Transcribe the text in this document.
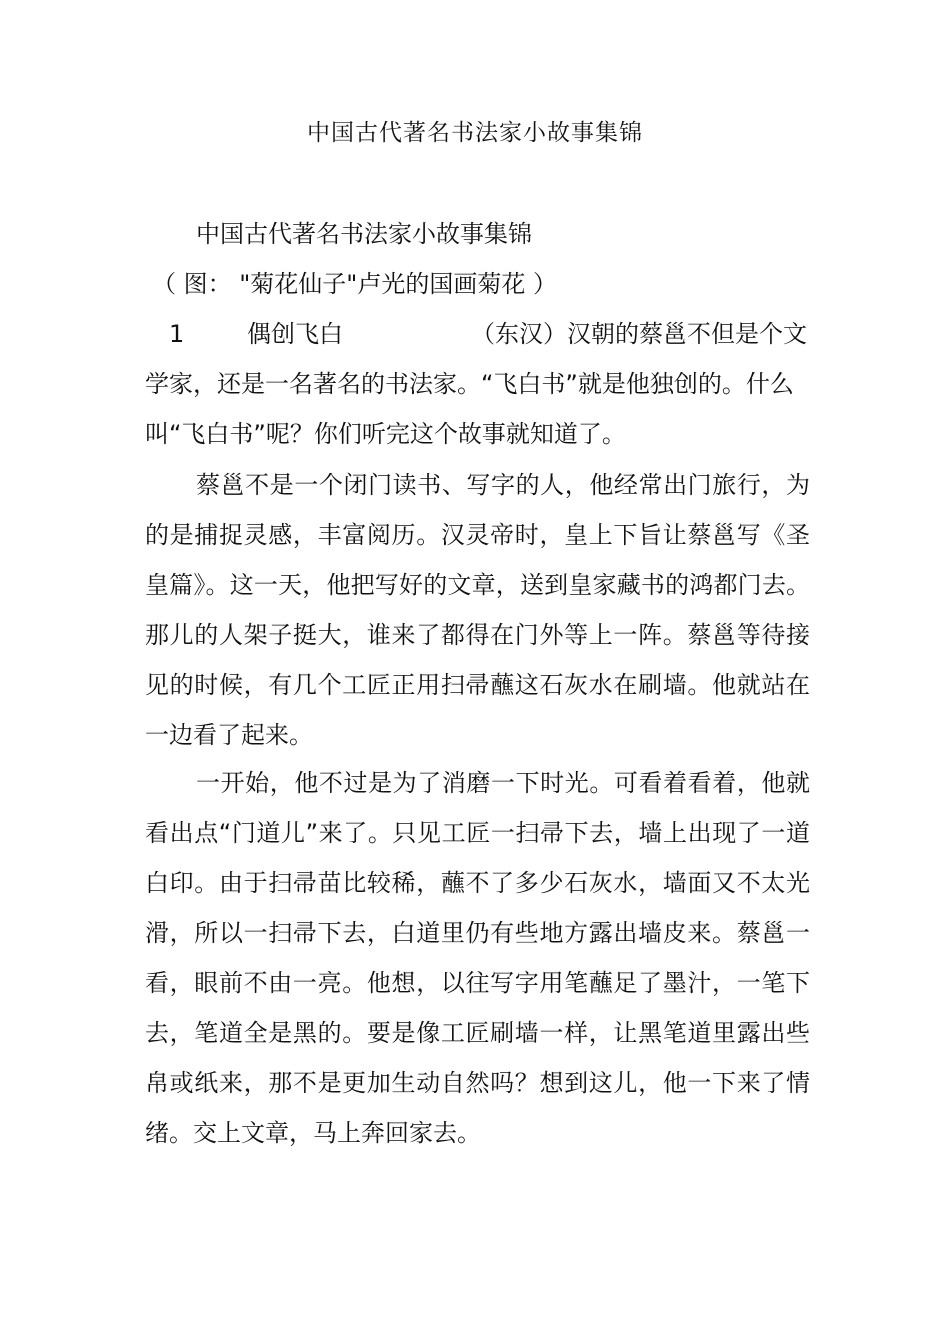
中国古代著名书法家小故事集锦
中国古代著名书法家小故事集锦
（ 图： "菊花仙子"卢光的国画菊花 ）
1	偶创飞白	（东汉）汉朝的蔡邕不但是个文学家，还是一名著名的书法家。“飞白书”就是他独创的。什么叫“飞白书”呢？你们听完这个故事就知道了。

蔡邕不是一个闭门读书、写字的人，他经常出门旅行，为的是捕捉灵感，丰富阅历。汉灵帝时，皇上下旨让蔡邕写《圣皇篇》。这一天，他把写好的文章，送到皇家藏书的鸿都门去。那儿的人架子挺大，谁来了都得在门外等上一阵。蔡邕等待接见的时候，有几个工匠正用扫帚蘸这石灰水在刷墙。他就站在一边看了起来。

一开始，他不过是为了消磨一下时光。可看着看着，他就看出点“门道儿”来了。只见工匠一扫帚下去，墙上出现了一道白印。由于扫帚苗比较稀，蘸不了多少石灰水，墙面又不太光滑，所以一扫帚下去，白道里仍有些地方露出墙皮来。蔡邕一看，眼前不由一亮。他想，以往写字用笔蘸足了墨汁，一笔下去，笔道全是黑的。要是像工匠刷墙一样，让黑笔道里露出些帛或纸来，那不是更加生动自然吗？想到这儿，他一下来了情绪。交上文章，马上奔回家去。
